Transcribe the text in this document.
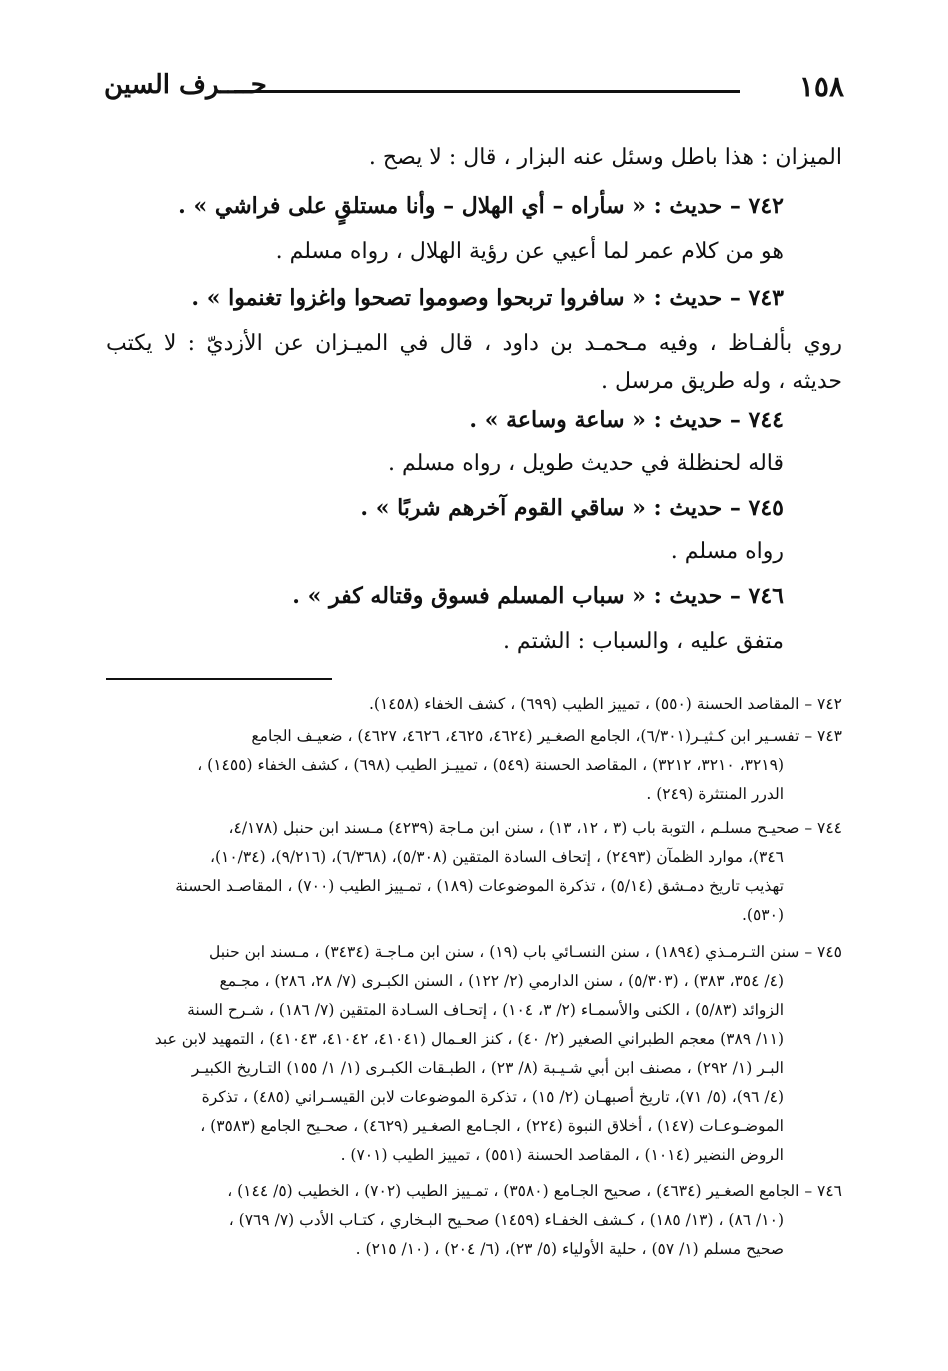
١٥٨
حــــرف السين
الميزان : هذا باطل وسئل عنه البزار ، قال : لا يصح .
٧٤٢ – حديث : « سأراه – أي الهلال – وأنا مستلقٍ على فراشي » .
هو من كلام عمر لما أعيي عن رؤية الهلال ، رواه مسلم .
٧٤٣ – حديث : « سافروا تربحوا وصوموا تصحوا واغزوا تغنموا » .
روي بألفـاظ ، وفيه مـحمـد بن داود ، قال في الميـزان عن الأزديّ : لا يكتب
حديثه ، وله طريق مرسل .
٧٤٤ – حديث : « ساعة وساعة » .
قاله لحنظلة في حديث طويل ، رواه مسلم .
٧٤٥ – حديث : « ساقي القوم آخرهم شربًا » .
رواه مسلم .
٧٤٦ – حديث : « سباب المسلم فسوق وقتاله كفر » .
متفق عليه ، والسباب : الشتم .
٧٤٢ – المقاصد الحسنة (٥٥٠) ، تمييز الطيب (٦٩٩) ، كشف الخفاء (١٤٥٨).
٧٤٣ – تفسـير ابن كـثيـر(٦/٣٠١)، الجامع الصغـير (٤٦٢٤، ٤٦٢٥، ٤٦٢٦، ٤٦٢٧) ، ضعيـف الجامع
(٣٢١٩، ٣٢١٠، ٣٢١٢) ، المقاصد الحسنة (٥٤٩) ، تمييـز الطيب (٦٩٨) ، كشف الخفاء (١٤٥٥) ،
الدرر المنتثرة (٢٤٩) .
٧٤٤ – صحيـح مسلـم ، التوبة باب (٣ ، ١٢، ١٣) ، سنن ابن مـاجة (٤٢٣٩) مـسند ابن حنبل (٤/١٧٨،
٣٤٦)، موارد الظمآن (٢٤٩٣) ، إتحاف السادة المتقين (٥/٣٠٨)، (٦/٣٦٨)، (٩/٢١٦)، (١٠/٣٤)،
تهذيب تاريخ دمـشق (٥/١٤) ، تذكرة الموضوعات (١٨٩) ، تمـييز الطيب (٧٠٠) ، المقاصـد الحسنة
(٥٣٠).
٧٤٥ – سنن التـرمـذي (١٨٩٤) ، سنن النسـائي باب (١٩) ، سنن ابن مـاجـة (٣٤٣٤) ، مـسند ابن حنبل
(٤/ ٣٥٤، ٣٨٣) ، (٥/٣٠٣) ، سنن الدارمي (٢/ ١٢٢) ، السنن الكبـرى (٧/ ٢٨، ٢٨٦) ، مجـمع
الزوائد (٥/٨٣) ، الكنى والأسمـاء (٢/ ٣، ١٠٤) ، إتحـاف السـادة المتقين (٧/ ١٨٦) ، شـرح السنة
(١١/ ٣٨٩) معجم الطبراني الصغير (٢/ ٤٠) ، كنز العـمال (٤١٠٤١، ٤١٠٤٢، ٤١٠٤٣) ، التمهيد لابن عبد
البـر (١/ ٢٩٢) ، مصنف ابن أبي شـيـبة (٨/ ٢٣) ، الطبـقات الكبـرى (١/ ١/ ١٥٥) التـاريخ الكبيـر
(٤/ ٩٦)، (٥/ ٧١)، تاريخ أصبهـان (٢/ ١٥) ، تذكرة الموضوعات لابن القيسـراني (٤٨٥) ، تذكرة
الموضـوعـات (١٤٧) ، أخلاق النبوة (٢٢٤) ، الجـامع الصغـير (٤٦٢٩) ، صحـيح الجامع (٣٥٨٣) ،
الروض النضير (١٠١٤) ، المقاصد الحسنة (٥٥١) ، تمييز الطيب (٧٠١) .
٧٤٦ – الجامع الصغـير (٤٦٣٤) ، صحيح الجـامع (٣٥٨٠) ، تمـييز الطيب (٧٠٢) ، الخطيب (٥/ ١٤٤) ،
(١٠/ ٨٦) ، (١٣/ ١٨٥) ، كـشف الخفـاء (١٤٥٩) صحـيح البـخاري ، كتـاب الأدب (٧/ ٧٦٩) ،
صحيح مسلم (١/ ٥٧) ، حلية الأولياء (٥/ ٢٣)، (٦/ ٢٠٤) ، (١٠/ ٢١٥) .
